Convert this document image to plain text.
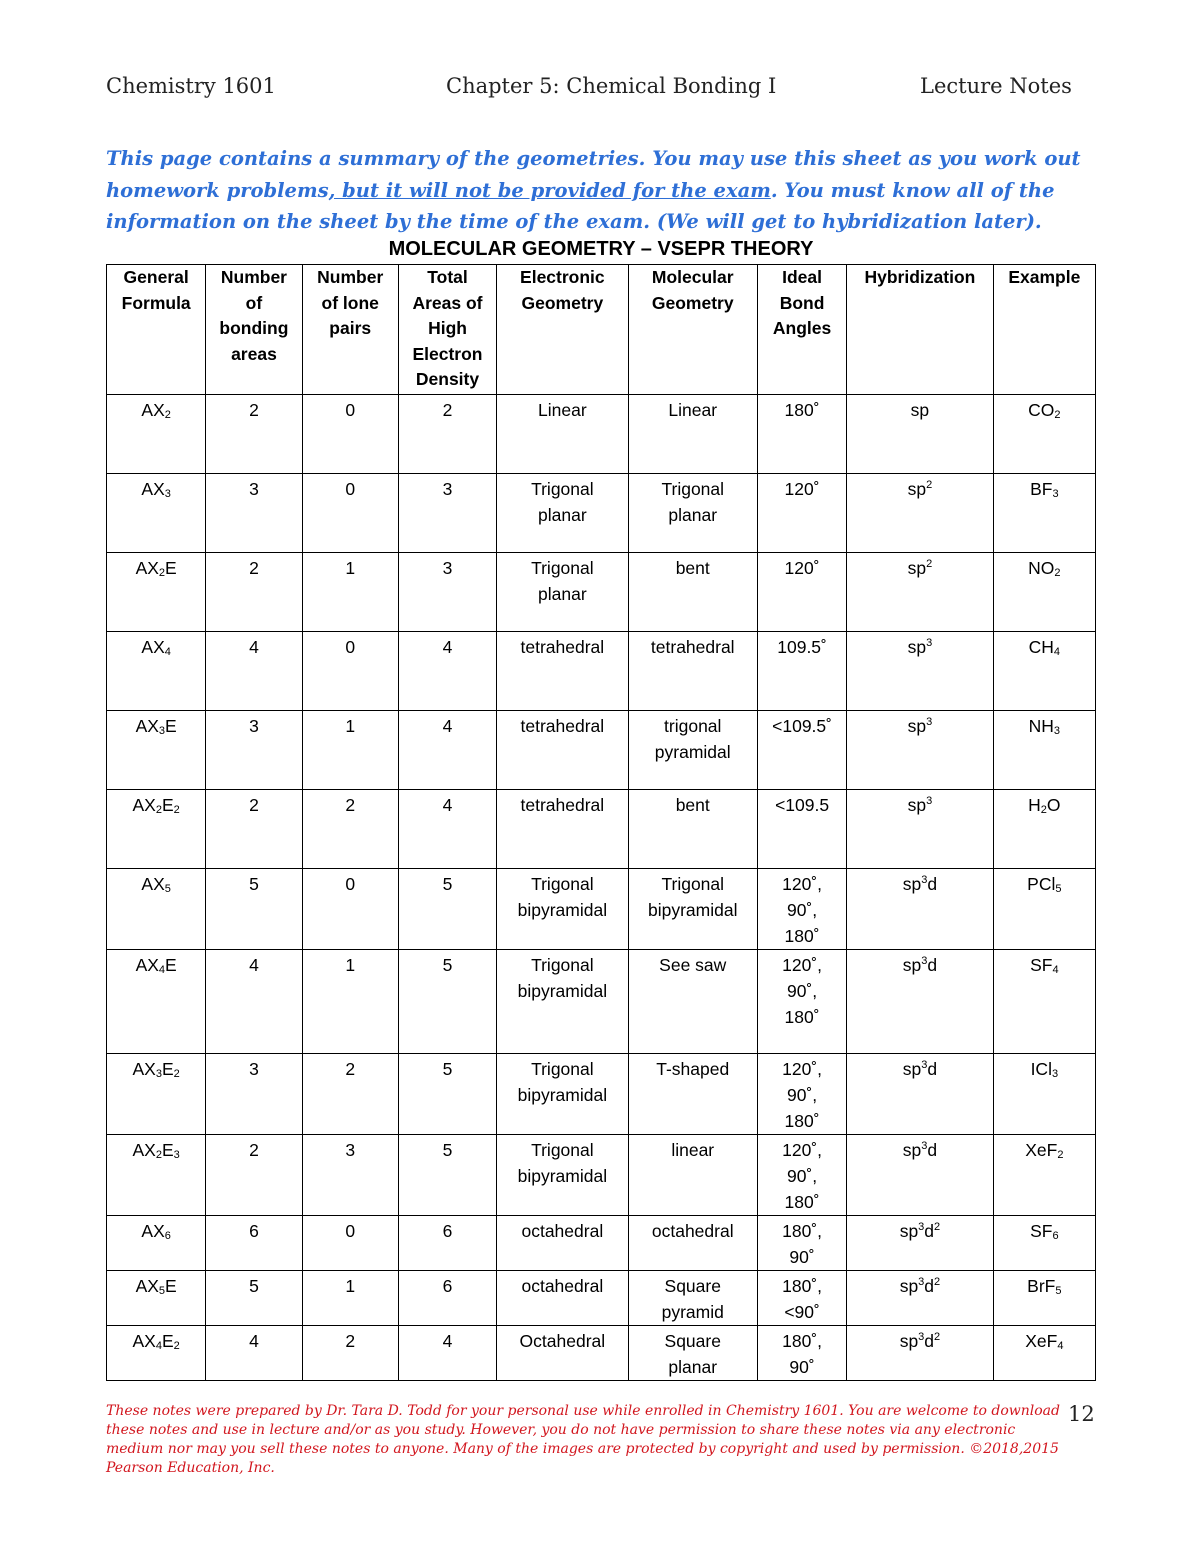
Chemistry 1601	Chapter 5: Chemical Bonding I	Lecture Notes
This page contains a summary of the geometries. You may use this sheet as you work out homework problems, but it will not be provided for the exam. You must know all of the information on the sheet by the time of the exam. (We will get to hybridization later).
MOLECULAR GEOMETRY – VSEPR THEORY
General
Formula	Number
of
bonding
areas	Number
of lone
pairs	Total
Areas of
High
Electron
Density	Electronic
Geometry	Molecular
Geometry	Ideal
Bond
Angles	Hybridization	Example
$AX_2$	2	0	2	Linear	Linear	180˚	sp	$CO_2$
$AX_3$	3	0	3	Trigonal
planar	Trigonal
planar	120˚	$sp^2$	$BF_3$
$AX_2E$	2	1	3	Trigonal
planar	bent	120˚	$sp^2$	$NO_2$
$AX_4$	4	0	4	tetrahedral	tetrahedral	109.5˚	$sp^3$	$CH_4$
$AX_3E$	3	1	4	tetrahedral	trigonal
pyramidal	<109.5˚	$sp^3$	$NH_3$
$AX_2E_2$	2	2	4	tetrahedral	bent	<109.5	$sp^3$	$H_2O$
$AX_5$	5	0	5	Trigonal
bipyramidal	Trigonal
bipyramidal	120˚,
90˚,
180˚	$sp^3d$	PCl$_5$
$AX_4E$	4	1	5	Trigonal
bipyramidal	See saw	120˚,
90˚,
180˚	$sp^3d$	$SF_4$
$AX_3E_2$	3	2	5	Trigonal
bipyramidal	T-shaped	120˚,
90˚,
180˚	$sp^3d$	ICl$_3$
$AX_2E_3$	2	3	5	Trigonal
bipyramidal	linear	120˚,
90˚,
180˚	$sp^3d$	XeF$_2$
$AX_6$	6	0	6	octahedral	octahedral	180˚,
90˚	$sp^3d^2$	$SF_6$
$AX_5E$	5	1	6	octahedral	Square
pyramid	180˚,
<90˚	$sp^3d^2$	BrF$_5$
$AX_4E_2$	4	2	4	Octahedral	Square
planar	180˚,
90˚	$sp^3d^2$	XeF$_4$
These notes were prepared by Dr. Tara D. Todd for your personal use while enrolled in Chemistry 1601. You are welcome to download these notes and use in lecture and/or as you study. However, you do not have permission to share these notes via any electronic medium nor may you sell these notes to anyone. Many of the images are protected by copyright and used by permission. ©2018,2015 Pearson Education, Inc.
12
